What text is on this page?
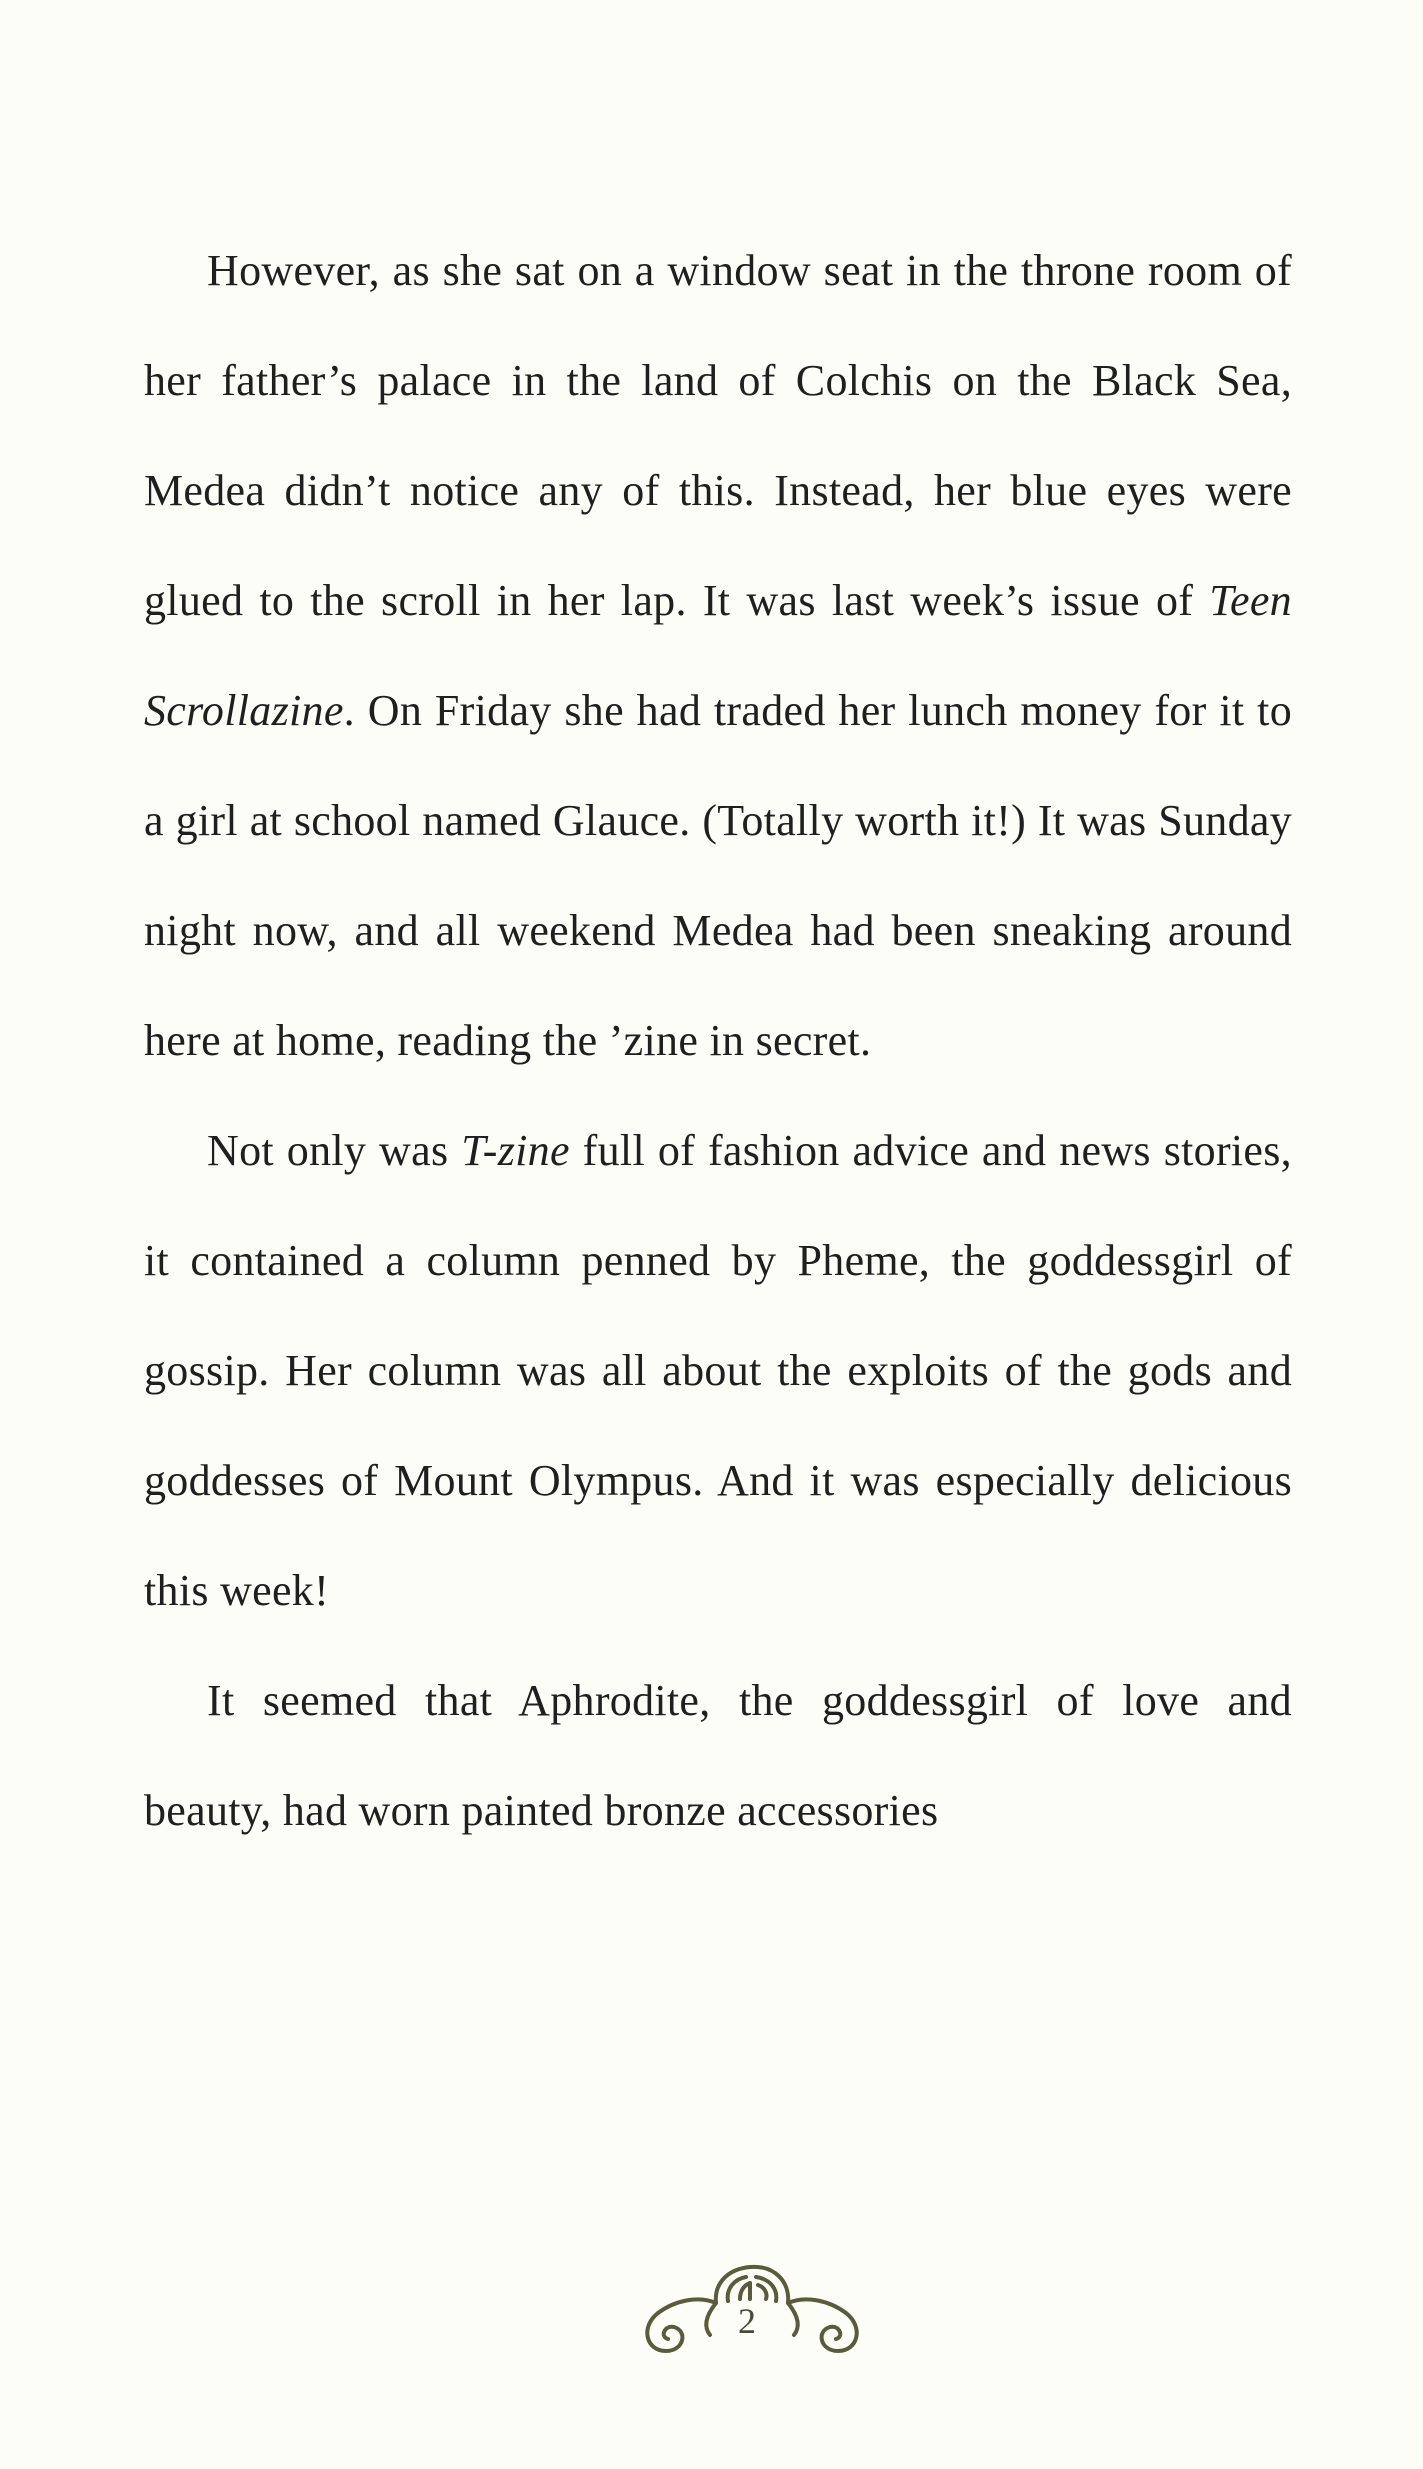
However, as she sat on a window seat in the throne room of her father’s palace in the land of Colchis on the Black Sea, Medea didn’t notice any of this. Instead, her blue eyes were glued to the scroll in her lap. It was last week’s issue of Teen Scrollazine. On Friday she had traded her lunch money for it to a girl at school named Glauce. (Totally worth it!) It was Sunday night now, and all weekend Medea had been sneaking around here at home, reading the ’zine in secret.

Not only was T-zine full of fashion advice and news stories, it contained a column penned by Pheme, the goddessgirl of gossip. Her column was all about the exploits of the gods and goddesses of Mount Olympus. And it was especially delicious this week!

It seemed that Aphrodite, the goddessgirl of love and beauty, had worn painted bronze accessories

2
